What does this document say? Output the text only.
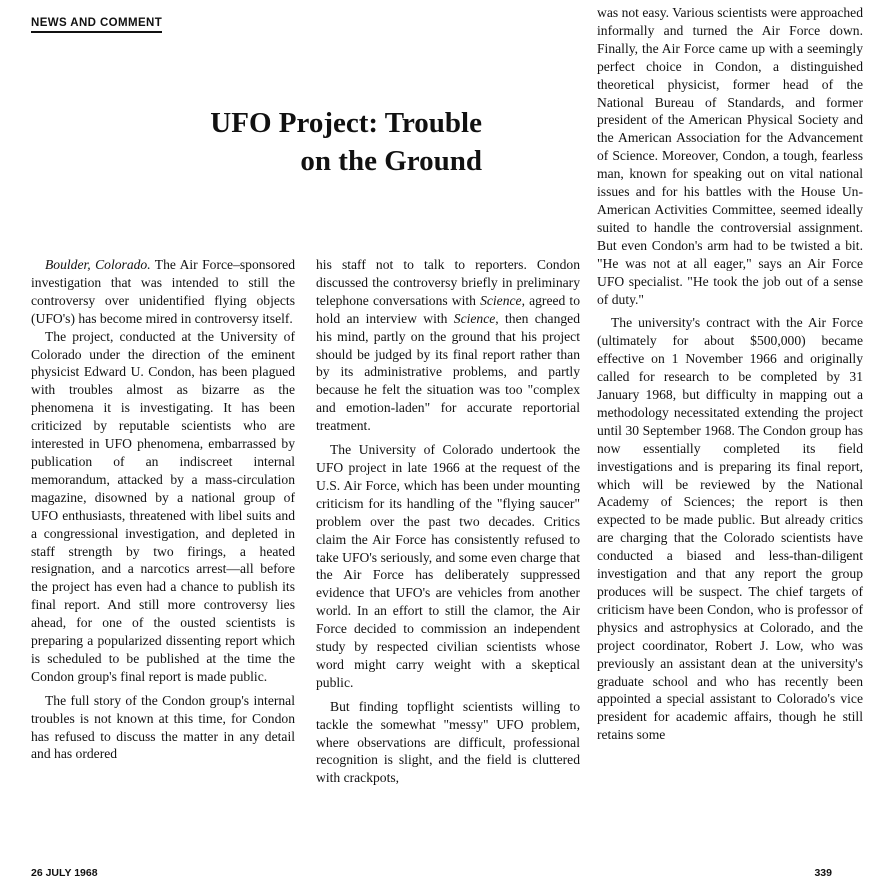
NEWS AND COMMENT
UFO Project: Trouble
on the Ground

Boulder, Colorado. The Air Force–sponsored investigation that was intended to still the controversy over unidentified flying objects (UFO's) has become mired in controversy itself.

The project, conducted at the University of Colorado under the direction of the eminent physicist Edward U. Condon, has been plagued with troubles almost as bizarre as the phenomena it is investigating. It has been criticized by reputable scientists who are interested in UFO phenomena, embarrassed by publication of an indiscreet internal memorandum, attacked by a mass-circulation magazine, disowned by a national group of UFO enthusiasts, threatened with libel suits and a congressional investigation, and depleted in staff strength by two firings, a heated resignation, and a narcotics arrest—all before the project has even had a chance to publish its final report. And still more controversy lies ahead, for one of the ousted scientists is preparing a popularized dissenting report which is scheduled to be published at the time the Condon group's final report is made public.

The full story of the Condon group's internal troubles is not known at this time, for Condon has refused to discuss the matter in any detail and has ordered

his staff not to talk to reporters. Condon discussed the controversy briefly in preliminary telephone conversations with Science, agreed to hold an interview with Science, then changed his mind, partly on the ground that his project should be judged by its final report rather than by its administrative problems, and partly because he felt the situation was too "complex and emotion-laden" for accurate reportorial treatment.

The University of Colorado undertook the UFO project in late 1966 at the request of the U.S. Air Force, which has been under mounting criticism for its handling of the "flying saucer" problem over the past two decades. Critics claim the Air Force has consistently refused to take UFO's seriously, and some even charge that the Air Force has deliberately suppressed evidence that UFO's are vehicles from another world. In an effort to still the clamor, the Air Force decided to commission an independent study by respected civilian scientists whose word might carry weight with a skeptical public.

But finding topflight scientists willing to tackle the somewhat "messy" UFO problem, where observations are difficult, professional recognition is slight, and the field is cluttered with crackpots,

was not easy. Various scientists were approached informally and turned the Air Force down. Finally, the Air Force came up with a seemingly perfect choice in Condon, a distinguished theoretical physicist, former head of the National Bureau of Standards, and former president of the American Physical Society and the American Association for the Advancement of Science. Moreover, Condon, a tough, fearless man, known for speaking out on vital national issues and for his battles with the House Un-American Activities Committee, seemed ideally suited to handle the controversial assignment. But even Condon's arm had to be twisted a bit. "He was not at all eager," says an Air Force UFO specialist. "He took the job out of a sense of duty."

The university's contract with the Air Force (ultimately for about $500,000) became effective on 1 November 1966 and originally called for research to be completed by 31 January 1968, but difficulty in mapping out a methodology necessitated extending the project until 30 September 1968. The Condon group has now essentially completed its field investigations and is preparing its final report, which will be reviewed by the National Academy of Sciences; the report is then expected to be made public. But already critics are charging that the Colorado scientists have conducted a biased and less-than-diligent investigation and that any report the group produces will be suspect. The chief targets of criticism have been Condon, who is professor of physics and astrophysics at Colorado, and the project coordinator, Robert J. Low, who was previously an assistant dean at the university's graduate school and who has recently been appointed a special assistant to Colorado's vice president for academic affairs, though he still retains some

26 JULY 1968	339
